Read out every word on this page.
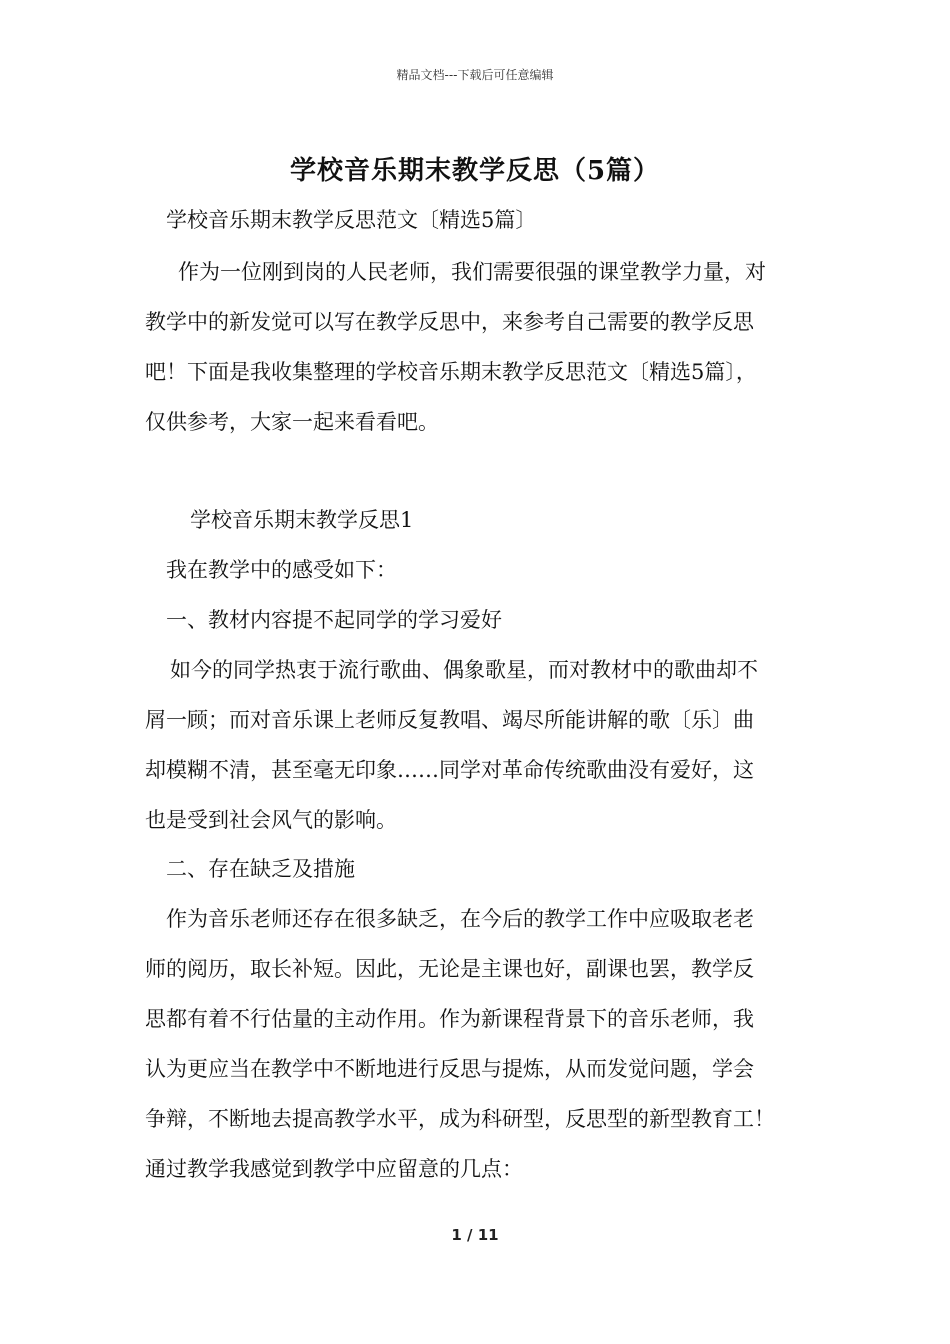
精品文档---下载后可任意编辑
学校音乐期末教学反思（5篇）
学校音乐期末教学反思范文〔精选5篇〕
作为一位刚到岗的人民老师，我们需要很强的课堂教学力量，对
教学中的新发觉可以写在教学反思中，来参考自己需要的教学反思
吧！下面是我收集整理的学校音乐期末教学反思范文〔精选5篇〕，
仅供参考，大家一起来看看吧。
学校音乐期末教学反思1
我在教学中的感受如下：
一、教材内容提不起同学的学习爱好
如今的同学热衷于流行歌曲、偶象歌星，而对教材中的歌曲却不
屑一顾；而对音乐课上老师反复教唱、竭尽所能讲解的歌〔乐〕曲
却模糊不清，甚至毫无印象……同学对革命传统歌曲没有爱好，这
也是受到社会风气的影响。
二、存在缺乏及措施
作为音乐老师还存在很多缺乏，在今后的教学工作中应吸取老老
师的阅历，取长补短。因此，无论是主课也好，副课也罢，教学反
思都有着不行估量的主动作用。作为新课程背景下的音乐老师，我
认为更应当在教学中不断地进行反思与提炼，从而发觉问题，学会
争辩，不断地去提高教学水平，成为科研型，反思型的新型教育工！
通过教学我感觉到教学中应留意的几点：
1 / 11
